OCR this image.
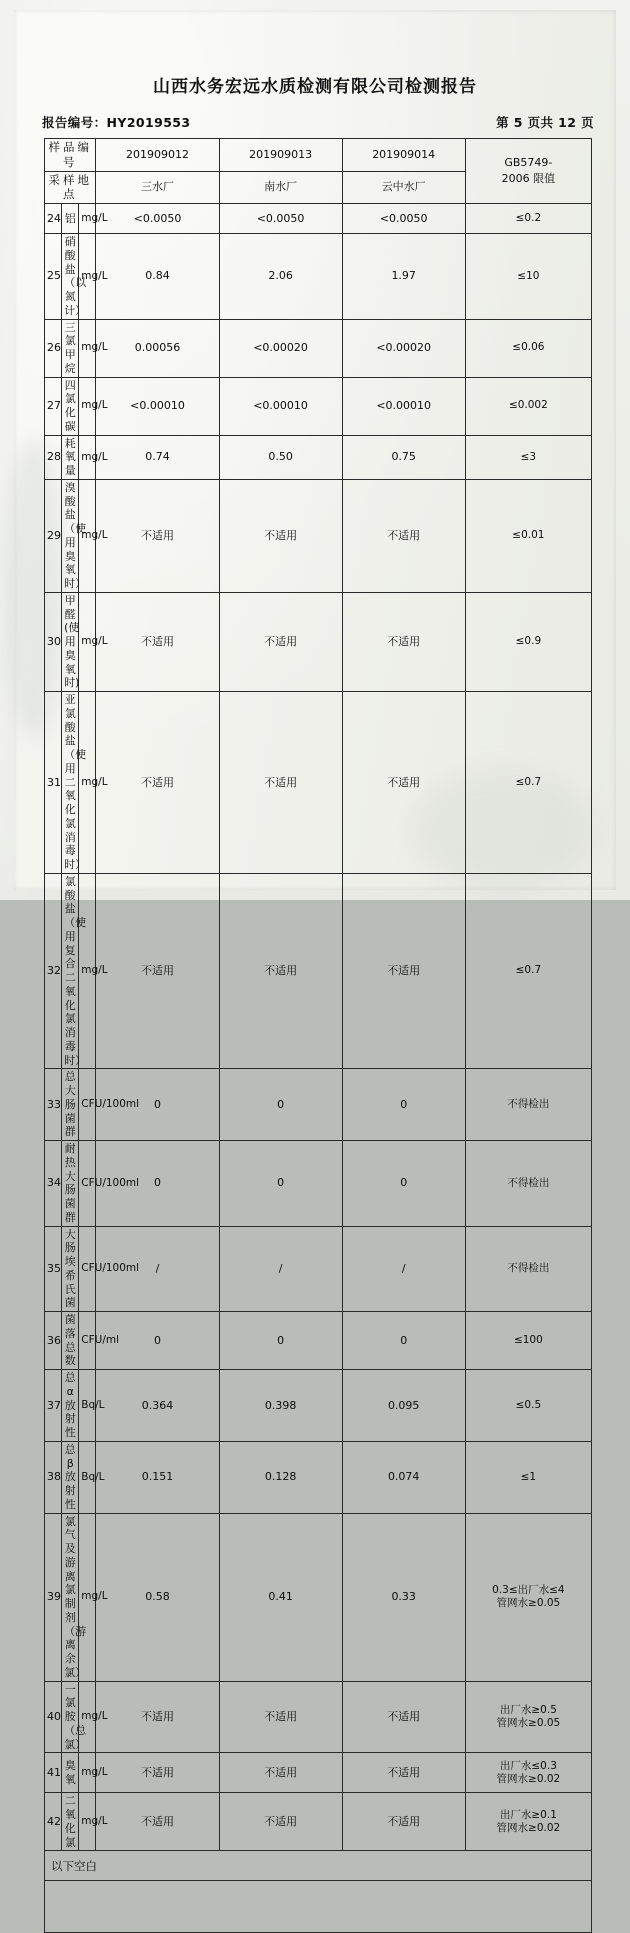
山西水务宏远水质检测有限公司检测报告
报告编号：HY2019553	第 5 页共 12 页
样品编号			201909012	201909013	201909014	GB5749-
2006 限值

采样地点			三水厂	南水厂	云中水厂	
24	铝	mg/L	<0.0050	<0.0050	<0.0050	≤0.2
25	硝酸盐（以氮计）	mg/L	0.84	2.06	1.97	≤10
26	三氯甲烷	mg/L	0.00056	<0.00020	<0.00020	≤0.06
27	四氯化碳	mg/L	<0.00010	<0.00010	<0.00010	≤0.002
28	耗氧量	mg/L	0.74	0.50	0.75	≤3
29	溴酸盐（使用臭氧
时）	mg/L	不适用	不适用	不适用	≤0.01
30	甲醛(使用臭氧时)	mg/L	不适用	不适用	不适用	≤0.9
31	亚氯酸盐（使用二
氧化氯消毒时）	mg/L	不适用	不适用	不适用	≤0.7
32	氯酸盐（使用复合
二氧化氯消毒时）	mg/L	不适用	不适用	不适用	≤0.7
33	总大肠菌群	CFU/100ml	0	0	0	不得检出
34	耐热大肠菌群	CFU/100ml	0	0	0	不得检出
35	大肠埃希氏菌	CFU/100ml	/	/	/	不得检出
36	菌落总数	CFU/ml	0	0	0	≤100
37	总α放射性	Bq/L	0.364	0.398	0.095	≤0.5
38	总β放射性	Bq/L	0.151	0.128	0.074	≤1
39	氯气及游离氯制剂
（游离余氯）	mg/L	0.58	0.41	0.33	0.3≤出厂水≤4
管网水≥0.05
40	一氯胺（总氯）	mg/L	不适用	不适用	不适用	出厂水≥0.5
管网水≥0.05
41	臭氧	mg/L	不适用	不适用	不适用	出厂水≤0.3
管网水≥0.02
42	二氧化氯	mg/L	不适用	不适用	不适用	出厂水≥0.1
管网水≥0.02
以下空白						
